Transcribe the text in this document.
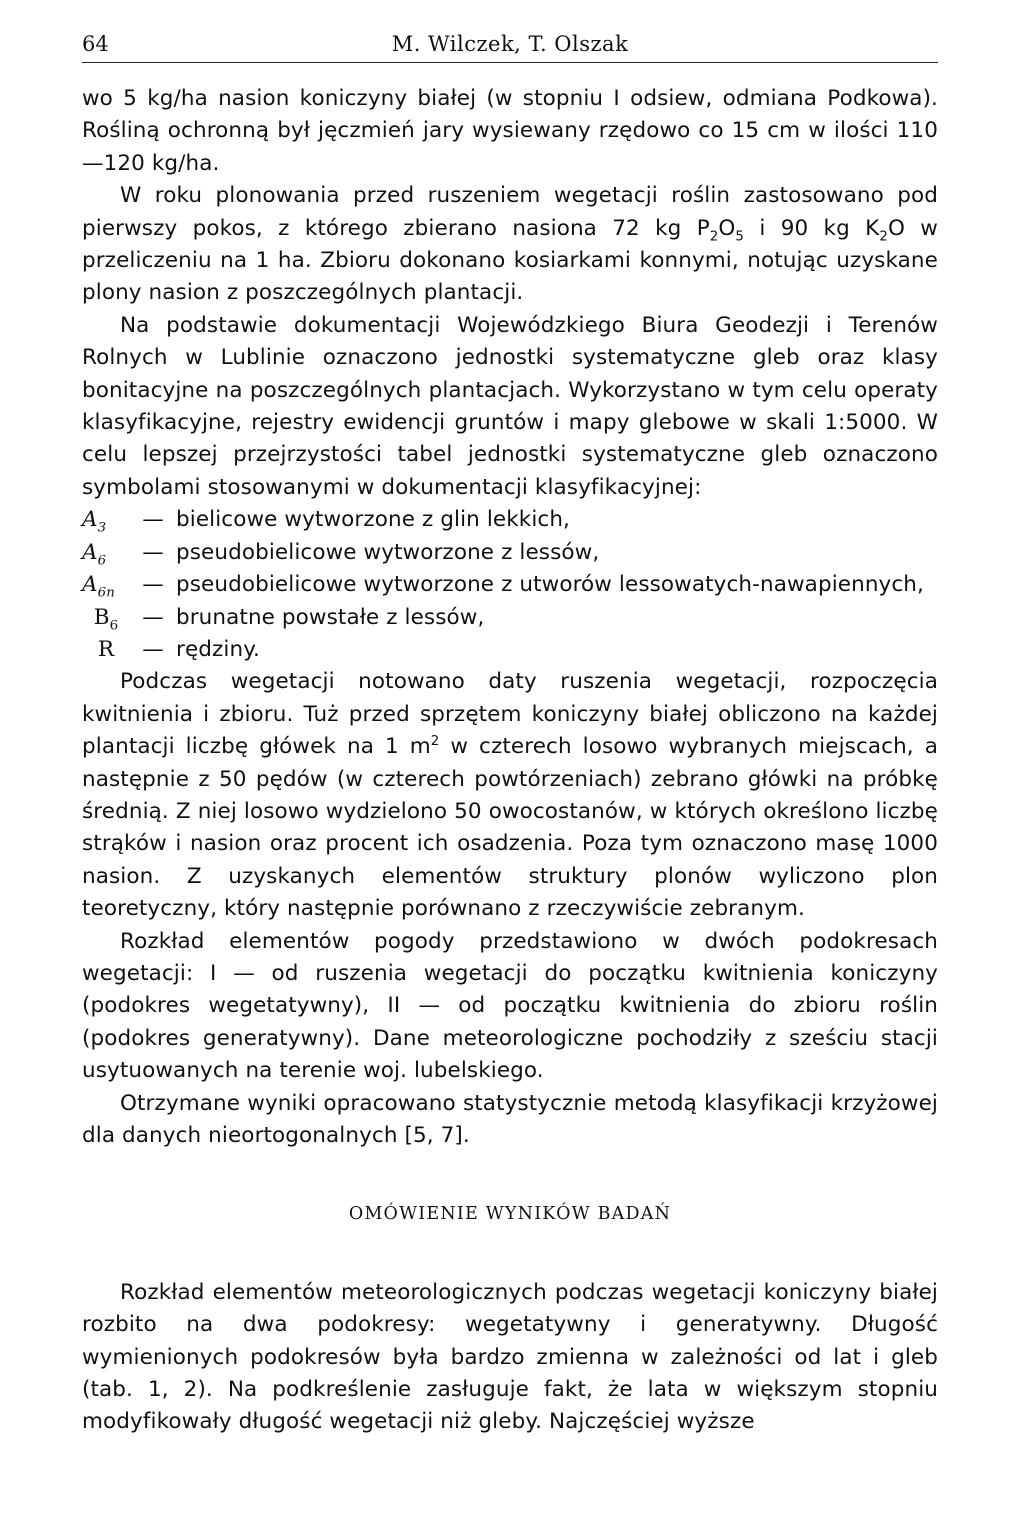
64	M. Wilczek, T. Olszak

wo 5 kg/ha nasion koniczyny białej (w stopniu I odsiew, odmiana Podkowa). Rośliną ochronną był jęczmień jary wysiewany rzędowo co 15 cm w ilości 110—120 kg/ha.

W roku plonowania przed ruszeniem wegetacji roślin zastosowano pod pierwszy pokos, z którego zbierano nasiona 72 kg $P_2O_5$ i 90 kg $K_2O$ w przeliczeniu na 1 ha. Zbioru dokonano kosiarkami konnymi, notując uzyskane plony nasion z poszczególnych plantacji.

Na podstawie dokumentacji Wojewódzkiego Biura Geodezji i Terenów Rolnych w Lublinie oznaczono jednostki systematyczne gleb oraz klasy bonitacyjne na poszczególnych plantacjach. Wykorzystano w tym celu operaty klasyfikacyjne, rejestry ewidencji gruntów i mapy glebowe w skali 1:5000. W celu lepszej przejrzystości tabel jednostki systematyczne gleb oznaczono symbolami stosowanymi w dokumentacji klasyfikacyjnej:

$A_3$	— bielicowe wytworzone z glin lekkich,
$A_6$	— pseudobielicowe wytworzone z lessów,
$A_{6n}$	— pseudobielicowe wytworzone z utworów lessowatych-nawapiennych,
$B_6$	— brunatne powstałe z lessów,
R	— rędziny.

Podczas wegetacji notowano daty ruszenia wegetacji, rozpoczęcia kwitnienia i zbioru. Tuż przed sprzętem koniczyny białej obliczono na każdej plantacji liczbę główek na 1 $m^2$ w czterech losowo wybranych miejscach, a następnie z 50 pędów (w czterech powtórzeniach) zebrano główki na próbkę średnią. Z niej losowo wydzielono 50 owocostanów, w których określono liczbę strąków i nasion oraz procent ich osadzenia. Poza tym oznaczono masę 1000 nasion. Z uzyskanych elementów struktury plonów wyliczono plon teoretyczny, który następnie porównano z rzeczywiście zebranym.

Rozkład elementów pogody przedstawiono w dwóch podokresach wegetacji: I — od ruszenia wegetacji do początku kwitnienia koniczyny (podokres wegetatywny), II — od początku kwitnienia do zbioru roślin (podokres generatywny). Dane meteorologiczne pochodziły z sześciu stacji usytuowanych na terenie woj. lubelskiego.

Otrzymane wyniki opracowano statystycznie metodą klasyfikacji krzyżowej dla danych nieortogonalnych [5, 7].

OMÓWIENIE WYNIKÓW BADAŃ

Rozkład elementów meteorologicznych podczas wegetacji koniczyny białej rozbito na dwa podokresy: wegetatywny i generatywny. Długość wymienionych podokresów była bardzo zmienna w zależności od lat i gleb (tab. 1, 2). Na podkreślenie zasługuje fakt, że lata w większym stopniu modyfikowały długość wegetacji niż gleby. Najczęściej wyższe
